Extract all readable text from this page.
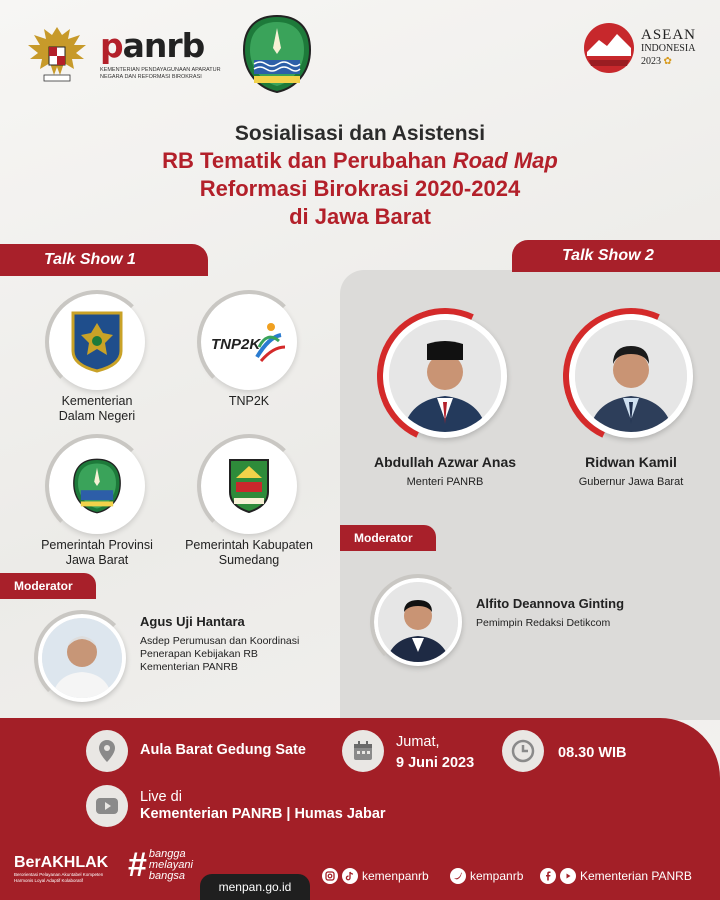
panrb
KEMENTERIAN PENDAYAGUNAAN APARATUR NEGARA DAN REFORMASI BIROKRASI
ASEAN
INDONESIA
2023 ✿
Sosialisasi dan Asistensi
RB Tematik dan Perubahan Road Map
Reformasi Birokrasi 2020-2024
di Jawa Barat
Talk Show 1	Talk Show 2
Kementerian
Dalam Negeri
TNP2K
TNP2K
Pemerintah Provinsi
Jawa Barat
Pemerintah Kabupaten
Sumedang
Moderator
Agus Uji Hantara
Asdep Perumusan dan Koordinasi
Penerapan Kebijakan RB
Kementerian PANRB
Abdullah Azwar Anas
Menteri PANRB
Ridwan Kamil
Gubernur Jawa Barat
Moderator
Alfito Deannova Ginting
Pemimpin Redaksi Detikcom
Aula Barat Gedung Sate	Jumat,
9 Juni 2023
08.30 WIB
Live di
Kementerian PANRB | Humas Jabar
BerAKHLAK
Berorientasi Pelayanan Akuntabel Kompeten Harmonis Loyal Adaptif Kolaboratif	# bangga
melayani
bangsa
menpan.go.id
kemenpanrb	kempanrb	Kementerian PANRB
